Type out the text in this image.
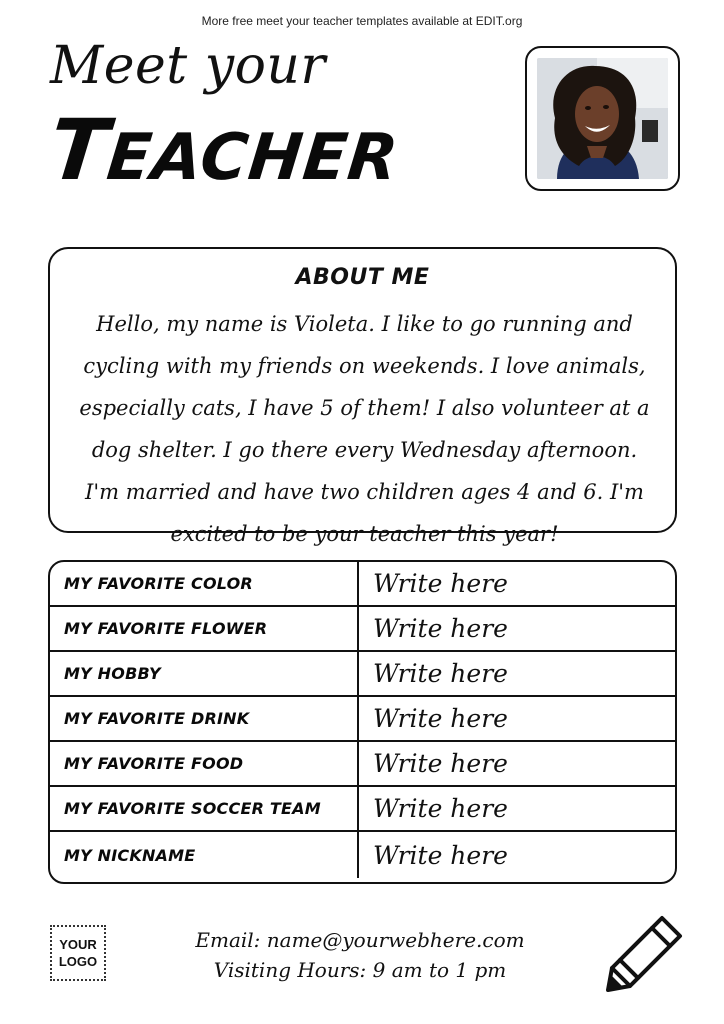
More free meet your teacher templates available at EDIT.org
Meet your
TEACHER
ABOUT ME
Hello, my name is Violeta. I like to go running and cycling with my friends on weekends. I love animals, especially cats, I have 5 of them! I also volunteer at a dog shelter. I go there every Wednesday afternoon. I'm married and have two children ages 4 and 6. I'm excited to be your teacher this year!
MY FAVORITE COLOR	Write here
MY FAVORITE FLOWER	Write here
MY HOBBY	Write here
MY FAVORITE DRINK	Write here
MY FAVORITE FOOD	Write here
MY FAVORITE SOCCER TEAM	Write here
MY NICKNAME	Write here
YOUR
LOGO
Email: name@yourwebhere.com
Visiting Hours: 9 am to 1 pm
